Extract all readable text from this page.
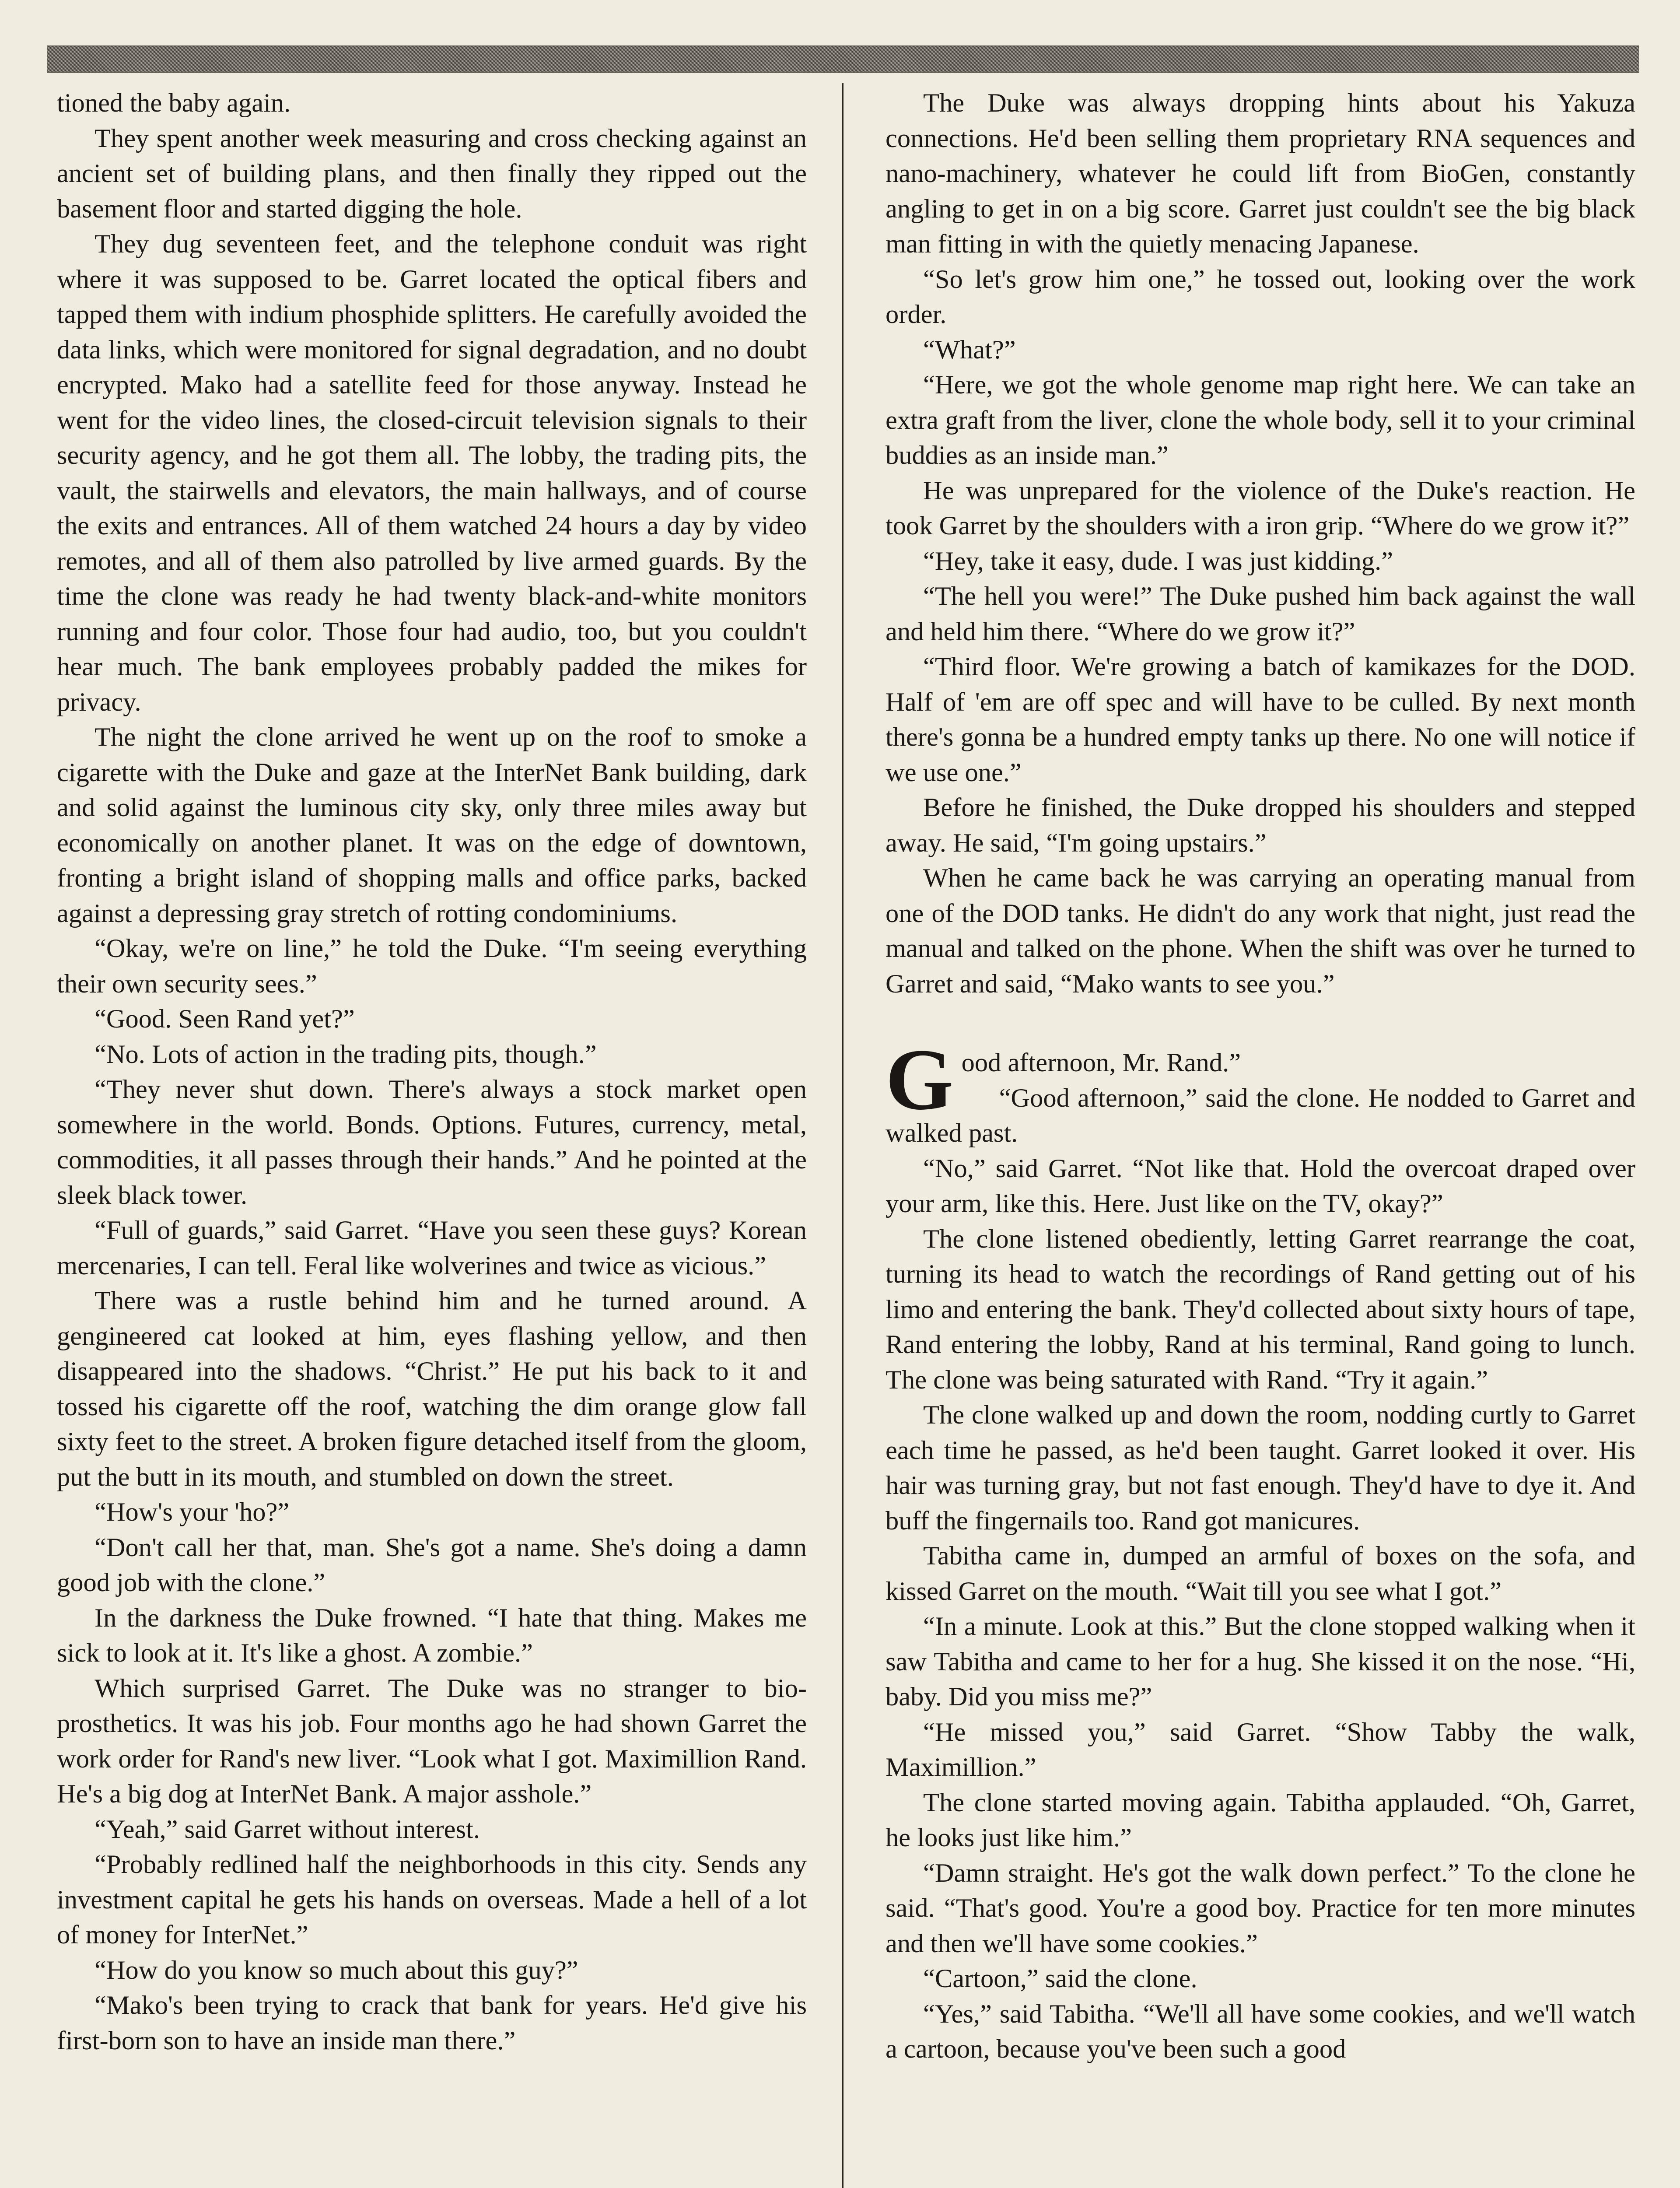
tioned the baby again.

They spent another week measuring and cross checking against an ancient set of building plans, and then finally they ripped out the basement floor and started digging the hole.

They dug seventeen feet, and the telephone conduit was right where it was supposed to be. Garret located the optical fibers and tapped them with indium phosphide splitters. He carefully avoided the data links, which were monitored for signal degradation, and no doubt encrypted. Mako had a satellite feed for those anyway. Instead he went for the video lines, the closed-circuit television signals to their security agency, and he got them all. The lobby, the trading pits, the vault, the stairwells and elevators, the main hallways, and of course the exits and entrances. All of them watched 24 hours a day by video remotes, and all of them also patrolled by live armed guards. By the time the clone was ready he had twenty black-and-white monitors running and four color. Those four had audio, too, but you couldn't hear much. The bank employees probably padded the mikes for privacy.

The night the clone arrived he went up on the roof to smoke a cigarette with the Duke and gaze at the InterNet Bank building, dark and solid against the luminous city sky, only three miles away but economically on another planet. It was on the edge of downtown, fronting a bright island of shopping malls and office parks, backed against a depressing gray stretch of rotting condominiums.

“Okay, we're on line,” he told the Duke. “I'm seeing everything their own security sees.”

“Good. Seen Rand yet?”

“No. Lots of action in the trading pits, though.”

“They never shut down. There's always a stock market open somewhere in the world. Bonds. Options. Futures, currency, metal, commodities, it all passes through their hands.” And he pointed at the sleek black tower.

“Full of guards,” said Garret. “Have you seen these guys? Korean mercenaries, I can tell. Feral like wolverines and twice as vicious.”

There was a rustle behind him and he turned around. A gengineered cat looked at him, eyes flashing yellow, and then disappeared into the shadows. “Christ.” He put his back to it and tossed his cigarette off the roof, watching the dim orange glow fall sixty feet to the street. A broken figure detached itself from the gloom, put the butt in its mouth, and stumbled on down the street.

“How's your 'ho?”

“Don't call her that, man. She's got a name. She's doing a damn good job with the clone.”

In the darkness the Duke frowned. “I hate that thing. Makes me sick to look at it. It's like a ghost. A zombie.”

Which surprised Garret. The Duke was no stranger to bio-prosthetics. It was his job. Four months ago he had shown Garret the work order for Rand's new liver. “Look what I got. Maximillion Rand. He's a big dog at InterNet Bank. A major asshole.”

“Yeah,” said Garret without interest.

“Probably redlined half the neighborhoods in this city. Sends any investment capital he gets his hands on overseas. Made a hell of a lot of money for InterNet.”

“How do you know so much about this guy?”

“Mako's been trying to crack that bank for years. He'd give his first-born son to have an inside man there.”

The Duke was always dropping hints about his Yakuza connections. He'd been selling them proprietary RNA sequences and nano-machinery, whatever he could lift from BioGen, constantly angling to get in on a big score. Garret just couldn't see the big black man fitting in with the quietly menacing Japanese.

“So let's grow him one,” he tossed out, looking over the work order.

“What?”

“Here, we got the whole genome map right here. We can take an extra graft from the liver, clone the whole body, sell it to your criminal buddies as an inside man.”

He was unprepared for the violence of the Duke's reaction. He took Garret by the shoulders with a iron grip. “Where do we grow it?”

“Hey, take it easy, dude. I was just kidding.”

“The hell you were!” The Duke pushed him back against the wall and held him there. “Where do we grow it?”

“Third floor. We're growing a batch of kamikazes for the DOD. Half of 'em are off spec and will have to be culled. By next month there's gonna be a hundred empty tanks up there. No one will notice if we use one.”

Before he finished, the Duke dropped his shoulders and stepped away. He said, “I'm going upstairs.”

When he came back he was carrying an operating manual from one of the DOD tanks. He didn't do any work that night, just read the manual and talked on the phone. When the shift was over he turned to Garret and said, “Mako wants to see you.”

Good afternoon, Mr. Rand.”
“Good afternoon,” said the clone. He nodded to Garret and walked past.

“No,” said Garret. “Not like that. Hold the overcoat draped over your arm, like this. Here. Just like on the TV, okay?”

The clone listened obediently, letting Garret rearrange the coat, turning its head to watch the recordings of Rand getting out of his limo and entering the bank. They'd collected about sixty hours of tape, Rand entering the lobby, Rand at his terminal, Rand going to lunch. The clone was being saturated with Rand. “Try it again.”

The clone walked up and down the room, nodding curtly to Garret each time he passed, as he'd been taught. Garret looked it over. His hair was turning gray, but not fast enough. They'd have to dye it. And buff the fingernails too. Rand got manicures.

Tabitha came in, dumped an armful of boxes on the sofa, and kissed Garret on the mouth. “Wait till you see what I got.”

“In a minute. Look at this.” But the clone stopped walking when it saw Tabitha and came to her for a hug. She kissed it on the nose. “Hi, baby. Did you miss me?”

“He missed you,” said Garret. “Show Tabby the walk, Maximillion.”

The clone started moving again. Tabitha applauded. “Oh, Garret, he looks just like him.”

“Damn straight. He's got the walk down perfect.” To the clone he said. “That's good. You're a good boy. Practice for ten more minutes and then we'll have some cookies.”

“Cartoon,” said the clone.

“Yes,” said Tabitha. “We'll all have some cookies, and we'll watch a cartoon, because you've been such a good
